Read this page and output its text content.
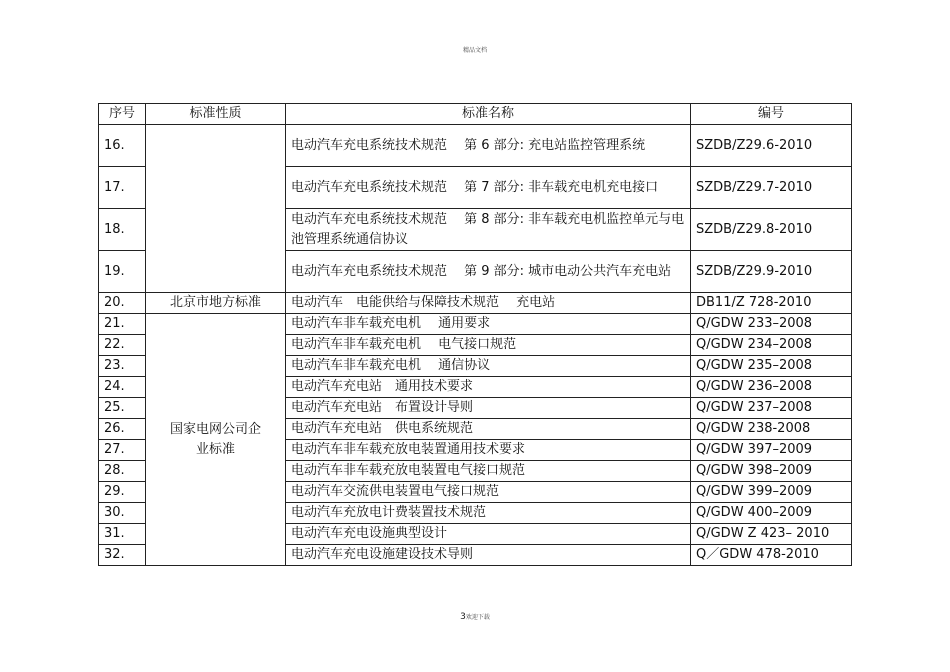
精品文档
序号	标准性质	标准名称	编号
16.		电动汽车充电系统技术规范　 第 6 部分: 充电站监控管理系统	SZDB/Z29.6-2010
17.		电动汽车充电系统技术规范　 第 7 部分: 非车载充电机充电接口	SZDB/Z29.7-2010
18.		电动汽车充电系统技术规范　 第 8 部分: 非车载充电机监控单元与电池管理系统通信协议	SZDB/Z29.8-2010
19.		电动汽车充电系统技术规范　 第 9 部分: 城市电动公共汽车充电站	SZDB/Z29.9-2010
20.	北京市地方标准	电动汽车　电能供给与保障技术规范　 充电站	DB11/Z 728-2010
21.	国家电网公司企业标准	电动汽车非车载充电机　 通用要求	Q/GDW 233–2008
22.		电动汽车非车载充电机　 电气接口规范	Q/GDW 234–2008
23.		电动汽车非车载充电机　 通信协议	Q/GDW 235–2008
24.		电动汽车充电站　通用技术要求	Q/GDW 236–2008
25.		电动汽车充电站　布置设计导则	Q/GDW 237–2008
26.		电动汽车充电站　供电系统规范	Q/GDW 238-2008
27.		电动汽车非车载充放电装置通用技术要求	Q/GDW 397–2009
28.		电动汽车非车载充放电装置电气接口规范	Q/GDW 398–2009
29.		电动汽车交流供电装置电气接口规范	Q/GDW 399–2009
30.		电动汽车充放电计费装置技术规范	Q/GDW 400–2009
31.		电动汽车充电设施典型设计	Q/GDW Z 423– 2010
32.		电动汽车充电设施建设技术导则	Q／GDW 478-2010
3欢迎下载
